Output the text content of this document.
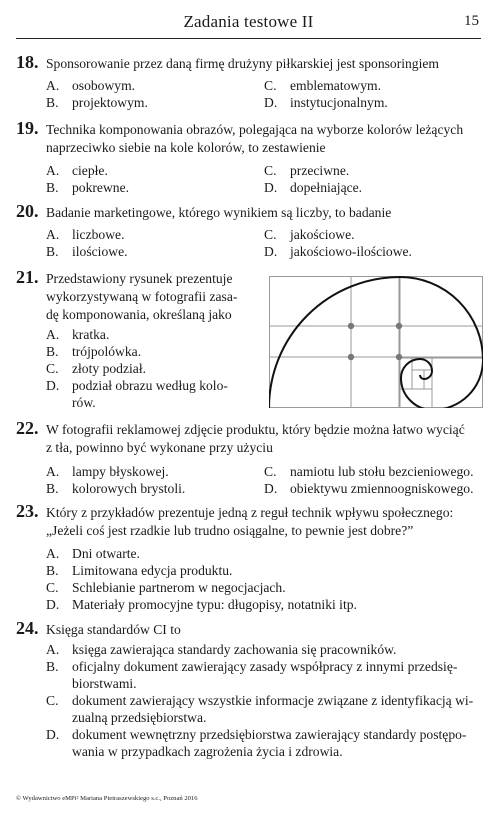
Zadania testowe II	15
18. Sponsorowanie przez daną firmę drużyny piłkarskiej jest sponsoringiem
A. osobowym.	C. emblematowym.
B. projektowym.	D. instytucjonalnym.
19. Technika komponowania obrazów, polegająca na wyborze kolorów leżących
naprzeciwko siebie na kole kolorów, to zestawienie
A. ciepłe.	C. przeciwne.
B. pokrewne.	D. dopełniające.
20. Badanie marketingowe, którego wynikiem są liczby, to badanie
A. liczbowe.	C. jakościowe.
B. ilościowe.	D. jakościowo-ilościowe.
21. Przedstawiony rysunek prezentuje
wykorzystywaną w fotografii zasa-
dę komponowania, określaną jako
A. kratka.
B. trójpolówka.
C. złoty podział.
D. podział obrazu według kolo-
rów.
22. W fotografii reklamowej zdjęcie produktu, który będzie można łatwo wyciąć
z tła, powinno być wykonane przy użyciu
A. lampy błyskowej.	C. namiotu lub stołu bezcieniowego.
B. kolorowych brystoli.	D. obiektywu zmiennoogniskowego.
23. Który z przykładów prezentuje jedną z reguł technik wpływu społecznego:
„Jeżeli coś jest rzadkie lub trudno osiągalne, to pewnie jest dobre?”
A. Dni otwarte.
B. Limitowana edycja produktu.
C. Schlebianie partnerom w negocjacjach.
D. Materiały promocyjne typu: długopisy, notatniki itp.
24. Księga standardów CI to
A. księga zawierająca standardy zachowania się pracowników.
B. oficjalny dokument zawierający zasady współpracy z innymi przedsię-
biorstwami.
C. dokument zawierający wszystkie informacje związane z identyfikacją wi-
zualną przedsiębiorstwa.
D. dokument wewnętrzny przedsiębiorstwa zawierający standardy postępo-
wania w przypadkach zagrożenia życia i zdrowia.
© Wydawnictwo eMPi² Mariana Pietraszewskiego s.c., Poznań 2016
